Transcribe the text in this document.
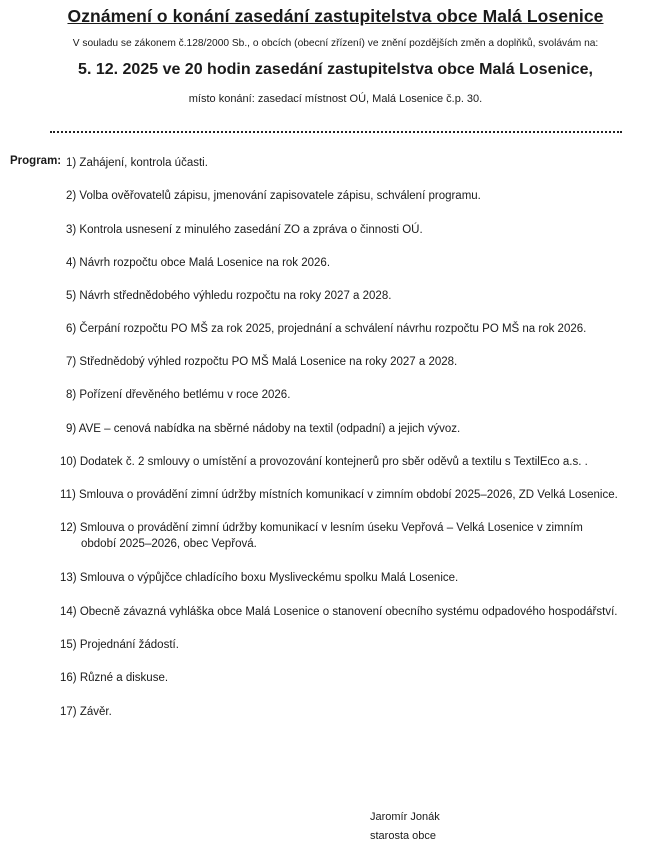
Oznámení o konání zasedání zastupitelstva obce Malá Losenice
V souladu se zákonem č.128/2000 Sb., o obcích (obecní zřízení) ve znění pozdějších změn a doplňků, svolávám na:
5. 12. 2025 ve 20 hodin zasedání zastupitelstva obce Malá Losenice,
místo konání: zasedací místnost OÚ, Malá Losenice č.p. 30.
Program: 1) Zahájení, kontrola účasti.
2) Volba ověřovatelů zápisu, jmenování zapisovatele zápisu, schválení programu.
3) Kontrola usnesení z minulého zasedání ZO a zpráva o činnosti OÚ.
4) Návrh rozpočtu obce Malá Losenice na rok 2026.
5) Návrh střednědobého výhledu rozpočtu na roky 2027 a 2028.
6) Čerpání rozpočtu PO MŠ za rok 2025, projednání a schválení návrhu rozpočtu PO MŠ na rok 2026.
7) Střednědobý výhled rozpočtu PO MŠ Malá Losenice na roky 2027 a 2028.
8) Pořízení dřevěného betlému v roce 2026.
9) AVE – cenová nabídka na sběrné nádoby na textil (odpadní) a jejich vývoz.
10) Dodatek č. 2 smlouvy o umístění a provozování kontejnerů pro sběr oděvů a textilu s TextilEco a.s. .
11) Smlouva o provádění zimní údržby místních komunikací v zimním období 2025–2026, ZD Velká Losenice.
12) Smlouva o provádění zimní údržby komunikací v lesním úseku Vepřová – Velká Losenice v zimním
období 2025–2026, obec Vepřová.
13) Smlouva o výpůjčce chladícího boxu Mysliveckému spolku Malá Losenice.
14) Obecně závazná vyhláška obce Malá Losenice o stanovení obecního systému odpadového hospodářství.
15) Projednání žádostí.
16) Různé a diskuse.
17) Závěr.
Jaromír Jonák
starosta obce
